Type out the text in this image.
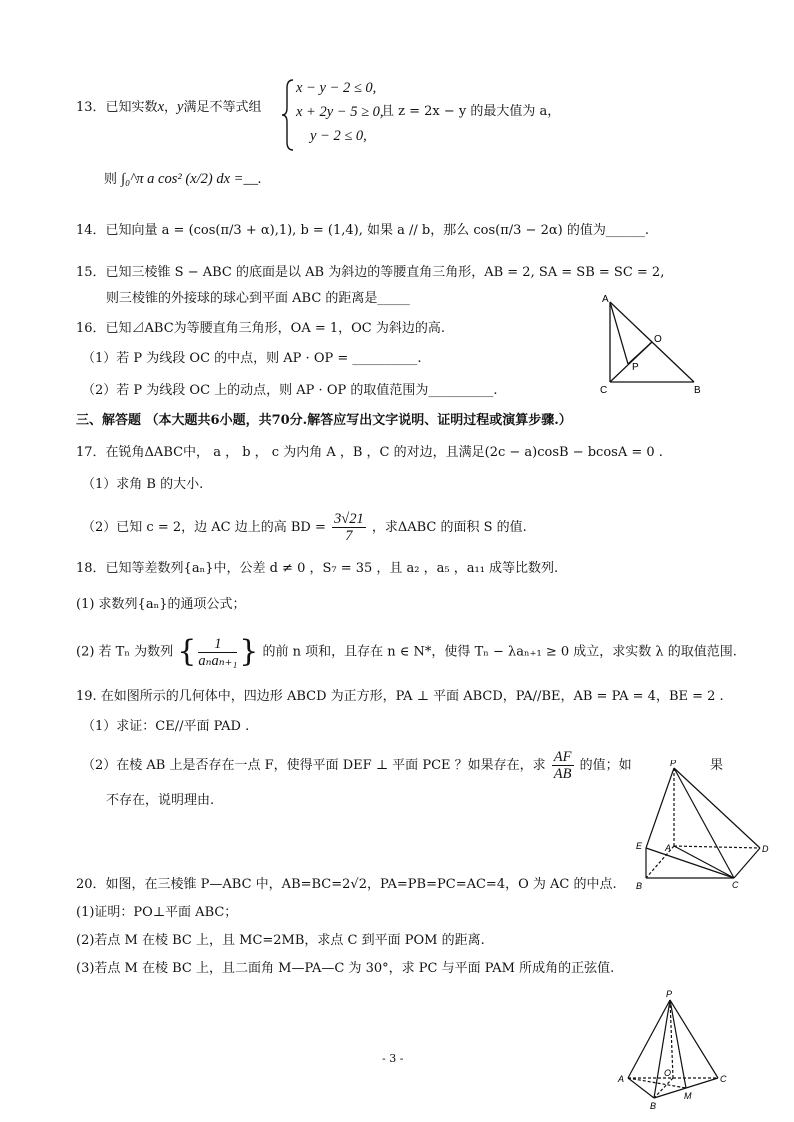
13．已知实数x，y满足不等式组
x − y − 2 ≤ 0,
x + 2y − 5 ≥ 0,
y − 2 ≤ 0,
且 z = 2x − y 的最大值为 a，
则 ∫₀^π a cos² (x/2) dx =__.
14．已知向量 a = (cos(π/3 + α),1), b = (1,4), 如果 a // b，那么 cos(π/3 − 2α) 的值为______.
15．已知三棱锥 S − ABC 的底面是以 AB 为斜边的等腰直角三角形，AB = 2, SA = SB = SC = 2,
则三棱锥的外接球的球心到平面 ABC 的距离是_____
16．已知⊿ABC为等腰直角三角形，OA = 1，OC 为斜边的高.
（1）若 P 为线段 OC 的中点，则 AP · OP = __________.
（2）若 P 为线段 OC 上的动点，则 AP · OP 的取值范围为__________.
A
O
P
C	B
三、解答题 （本大题共6小题，共70分.解答应写出文字说明、证明过程或演算步骤.）
17．在锐角ΔABC中， a ， b ， c 为内角 A ，B ，C 的对边，且满足(2c − a)cosB − bcosA = 0 .
（1）求角 B 的大小.
（2）已知 c = 2，边 AC 边上的高 BD = $\frac{3√21}{7}$ ，求ΔABC 的面积 S 的值.
18．已知等差数列{aₙ}中，公差 d ≠ 0 ，S₇ = 35 ，且 a₂ ，a₅ ，a₁₁ 成等比数列.
(1) 求数列{aₙ}的通项公式；
(2) 若 Tₙ 为数列 { $\frac{1}{\text{aₙaₙ₊₁}}$ } 的前 n 项和，且存在 n ∈ N*，使得 Tₙ − λaₙ₊₁ ≥ 0 成立，求实数 λ 的取值范围.
19. 在如图所示的几何体中，四边形 ABCD 为正方形，PA ⊥ 平面 ABCD，PA//BE，AB = PA = 4，BE = 2 .
（1）求证：CE//平面 PAD .
（2）在棱 AB 上是否存在一点 F，使得平面 DEF ⊥ 平面 PCE ？如果存在，求 $\frac{AF}{AB}$ 的值；如	果
不存在，说明理由.
P
E	A	D
B	C
20．如图，在三棱锥 P—ABC 中，AB=BC=2√2，PA=PB=PC=AC=4，O 为 AC 的中点.
(1)证明：PO⊥平面 ABC；
(2)若点 M 在棱 BC 上，且 MC=2MB，求点 C 到平面 POM 的距离.
(3)若点 M 在棱 BC 上，且二面角 M—PA—C 为 30°，求 PC 与平面 PAM 所成角的正弦值.
P
A
O
C
B
M
- 3 -
